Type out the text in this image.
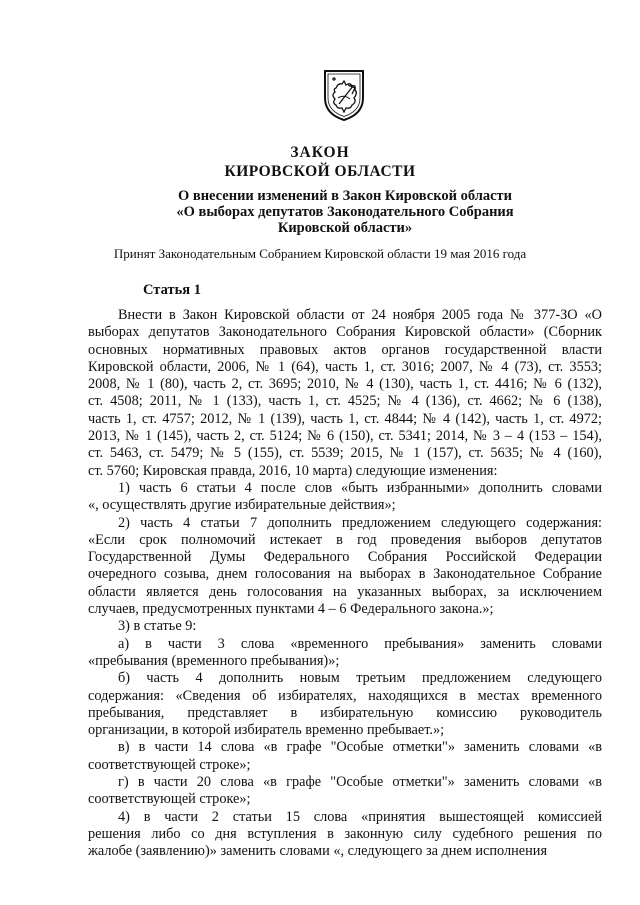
ЗАКОН
КИРОВСКОЙ ОБЛАСТИ
О внесении изменений в Закон Кировской области
«О выборах депутатов Законодательного Собрания
Кировской области»
Принят Законодательным Собранием Кировской области 19 мая 2016 года
Статья 1

Внести в Закон Кировской области от 24 ноября 2005 года № 377-ЗО «О
выборах депутатов Законодательного Собрания Кировской области» (Сборник
основных нормативных правовых актов органов государственной власти
Кировской области, 2006, № 1 (64), часть 1, ст. 3016; 2007, № 4 (73), ст. 3553;
2008, № 1 (80), часть 2, ст. 3695; 2010, № 4 (130), часть 1, ст. 4416; № 6 (132),
ст. 4508; 2011, № 1 (133), часть 1, ст. 4525; № 4 (136), ст. 4662; № 6 (138),
часть 1, ст. 4757; 2012, № 1 (139), часть 1, ст. 4844; № 4 (142), часть 1, ст. 4972;
2013, № 1 (145), часть 2, ст. 5124; № 6 (150), ст. 5341; 2014, № 3 – 4 (153 – 154),
ст. 5463, ст. 5479; № 5 (155), ст. 5539; 2015, № 1 (157), ст. 5635; № 4 (160),
ст. 5760; Кировская правда, 2016, 10 марта) следующие изменения:

1) часть 6 статьи 4 после слов «быть избранными» дополнить словами
«, осуществлять другие избирательные действия»;

2) часть 4 статьи 7 дополнить предложением следующего содержания:
«Если срок полномочий истекает в год проведения выборов депутатов
Государственной Думы Федерального Собрания Российской Федерации
очередного созыва, днем голосования на выборах в Законодательное Собрание
области является день голосования на указанных выборах, за исключением
случаев, предусмотренных пунктами 4 – 6 Федерального закона.»;

3) в статье 9:

а) в части 3 слова «временного пребывания» заменить словами
«пребывания (временного пребывания)»;

б) часть 4 дополнить новым третьим предложением следующего
содержания: «Сведения об избирателях, находящихся в местах временного
пребывания, представляет в избирательную комиссию руководитель
организации, в которой избиратель временно пребывает.»;

в) в части 14 слова «в графе "Особые отметки"» заменить словами «в
соответствующей строке»;

г) в части 20 слова «в графе "Особые отметки"» заменить словами «в
соответствующей строке»;

4) в части 2 статьи 15 слова «принятия вышестоящей комиссией
решения либо со дня вступления в законную силу судебного решения по
жалобе (заявлению)» заменить словами «, следующего за днем исполнения
